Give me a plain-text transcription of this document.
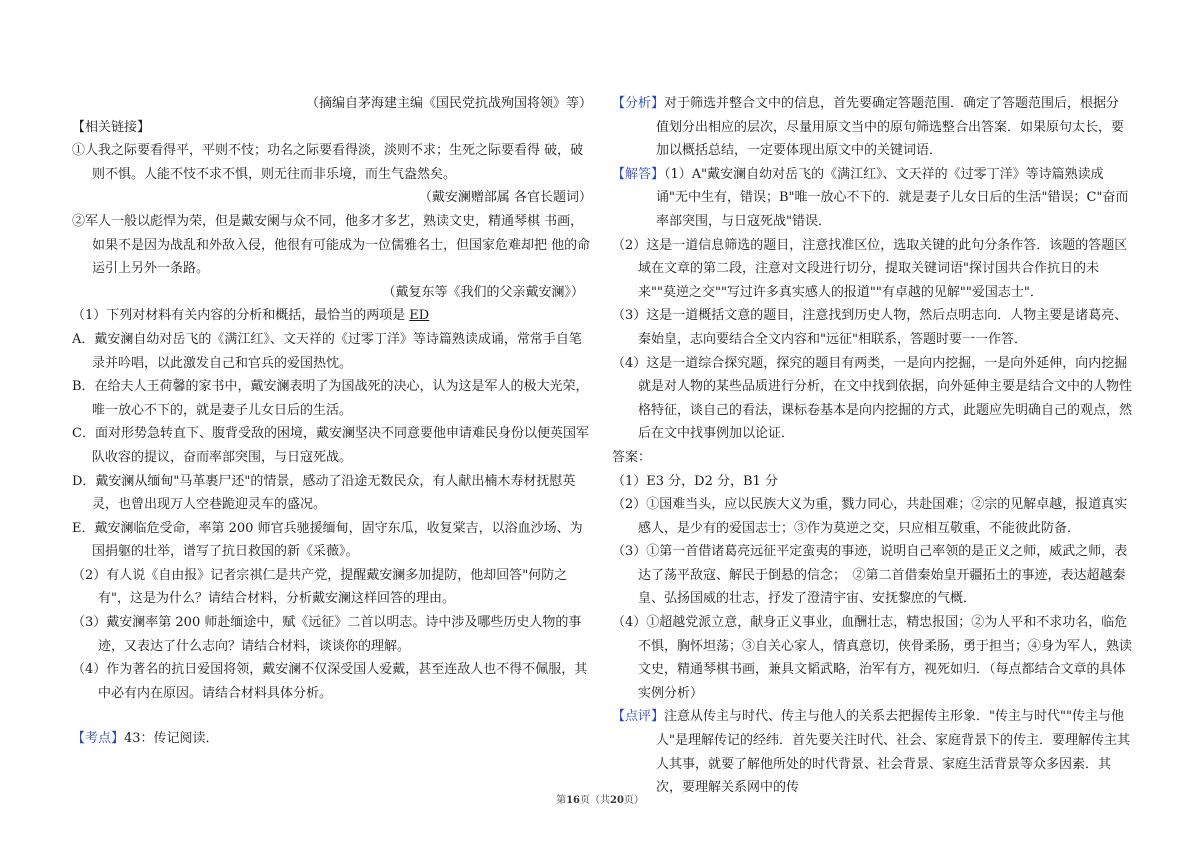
（摘编自茅海建主编《国民党抗战殉国将领》等）

【相关链接】

①人我之际要看得平，平则不忮；功名之际要看得淡，淡则不求；生死之际要看得 破，破则不惧。人能不忮不求不惧，则无往而非乐境，而生气盎然矣。

（戴安澜赠部属 各官长题词）

②军人一般以彪悍为荣，但是戴安阑与众不同，他多才多艺，熟读文史，精通琴棋 书画，如果不是因为战乱和外敌入侵，他很有可能成为一位儒雅名士，但国家危难却把 他的命运引上另外一条路。

（戴复东等《我们的父亲戴安澜》）

（1）下列对材料有关内容的分析和概括，最恰当的两项是 ED

A．戴安澜自幼对岳飞的《满江红》、文天祥的《过零丁洋》等诗篇熟读成诵，常常手自笔录并吟唱，以此激发自己和官兵的爱国热忱。

B．在给夫人王荷馨的家书中，戴安澜表明了为国战死的决心，认为这是军人的极大光荣，唯一放心不下的，就是妻子儿女日后的生活。

C．面对形势急转直下、腹背受敌的困境，戴安澜坚决不同意要他申请难民身份以便英国军队收容的提议，奋而率部突围，与日寇死战。

D．戴安澜从缅甸"马革裹尸还"的情景，感动了沿途无数民众，有人献出楠木寿材抚慰英灵，也曾出现万人空巷跪迎灵车的盛况。

E．戴安澜临危受命，率第 200 师官兵驰援缅甸，固守东瓜，收复棠吉，以浴血沙场、为国捐躯的壮举，谱写了抗日救国的新《采薇》。

（2）有人说《自由报》记者宗祺仁是共产党，提醒戴安澜多加提防，他却回答"何防之有"，这是为什么？请结合材料，分析戴安澜这样回答的理由。

（3）戴安澜率第 200 师赴缅途中，赋《远征》二首以明志。诗中涉及哪些历史人物的事迹，又表达了什么志向？请结合材料，谈谈你的理解。

（4）作为著名的抗日爱国将领，戴安澜不仅深受国人爱戴，甚至连敌人也不得不佩服，其中必有内在原因。请结合材料具体分析。

【考点】43：传记阅读．

【分析】对于筛选并整合文中的信息，首先要确定答题范围．确定了答题范围后，根据分值划分出相应的层次，尽量用原文当中的原句筛选整合出答案．如果原句太长，要加以概括总结，一定要体现出原文中的关键词语．

【解答】（1）A"戴安澜自幼对岳飞的《满江红》、文天祥的《过零丁洋》等诗篇熟读成诵"无中生有，错误；B"唯一放心不下的．就是妻子儿女日后的生活"错误；C"奋而率部突围，与日寇死战"错误．

（2）这是一道信息筛选的题目，注意找准区位，选取关键的此句分条作答．该题的答题区域在文章的第二段，注意对文段进行切分，提取关键词语"探讨国共合作抗日的未来""莫逆之交""写过许多真实感人的报道""有卓越的见解""爱国志士"．

（3）这是一道概括文意的题目，注意找到历史人物，然后点明志向．人物主要是诸葛亮、秦始皇，志向要结合全文内容和"远征"相联系，答题时要一一作答．

（4）这是一道综合探究题，探究的题目有两类，一是向内挖掘，一是向外延伸，向内挖掘就是对人物的某些品质进行分析，在文中找到依据，向外延伸主要是结合文中的人物性格特征，谈自己的看法，课标卷基本是向内挖掘的方式，此题应先明确自己的观点，然后在文中找事例加以论证．

答案：

（1）E3 分，D2 分，B1 分

（2）①国难当头，应以民族大义为重，戮力同心，共赴国难；②宗的见解卓越，报道真实感人，是少有的爱国志士；③作为莫逆之交，只应相互敬重，不能彼此防备．

（3）①第一首借诸葛亮远征平定蛮夷的事迹，说明自己率领的是正义之师，威武之师，表达了荡平敌寇、解民于倒悬的信念；　②第二首借秦始皇开疆拓土的事迹，表达超越秦皇、弘扬国威的壮志，抒发了澄清宇宙、安抚黎庶的气概．

（4）①超越党派立意，献身正义事业，血酬壮志，精忠报国；②为人平和不求功名，临危不惧，胸怀坦荡；③自关心家人，情真意切，侠骨柔肠，勇于担当；④身为军人，熟读文史，精通琴棋书画，兼具文韬武略，治军有方，视死如归．（每点都结合文章的具体实例分析）

【点评】注意从传主与时代、传主与他人的关系去把握传主形象．"传主与时代""传主与他人"是理解传记的经纬．首先要关注时代、社会、家庭背景下的传主．要理解传主其人其事，就要了解他所处的时代背景、社会背景、家庭生活背景等众多因素．其次，要理解关系网中的传

第16页（共20页）
